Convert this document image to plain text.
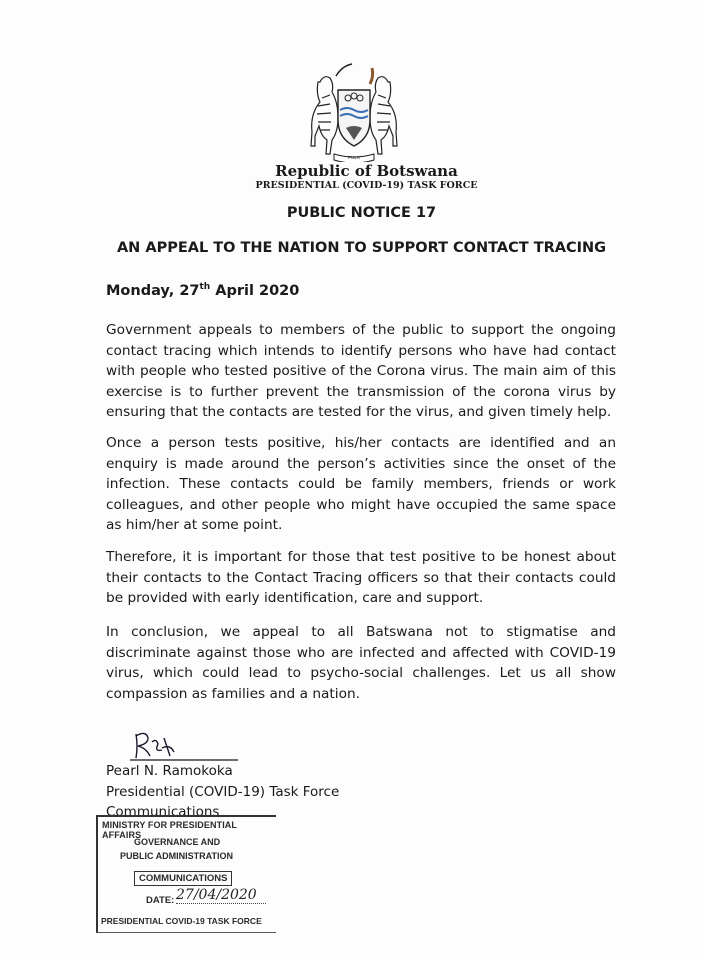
PULA
Republic of Botswana
PRESIDENTIAL (COVID-19) TASK FORCE
PUBLIC NOTICE 17
AN APPEAL TO THE NATION TO SUPPORT CONTACT TRACING
Monday, 27th April 2020

Government appeals to members of the public to support the ongoing contact tracing which intends to identify persons who have had contact with people who tested positive of the Corona virus. The main aim of this exercise is to further prevent the transmission of the corona virus by ensuring that the contacts are tested for the virus, and given timely help.

Once a person tests positive, his/her contacts are identified and an enquiry is made around the person’s activities since the onset of the infection. These contacts could be family members, friends or work colleagues, and other people who might have occupied the same space as him/her at some point.

Therefore, it is important for those that test positive to be honest about their contacts to the Contact Tracing officers so that their contacts could be provided with early identification, care and support.

In conclusion, we appeal to all Batswana not to stigmatise and discriminate against those who are infected and affected with COVID-19 virus, which could lead to psycho-social challenges. Let us all show compassion as families and a nation.

Pearl N. Ramokoka
Presidential (COVID-19) Task Force
Communications
MINISTRY FOR PRESIDENTIAL AFFAIRS
GOVERNANCE AND
PUBLIC ADMINISTRATION
COMMUNICATIONS
DATE: 27/04/2020
PRESIDENTIAL COVID-19 TASK FORCE
